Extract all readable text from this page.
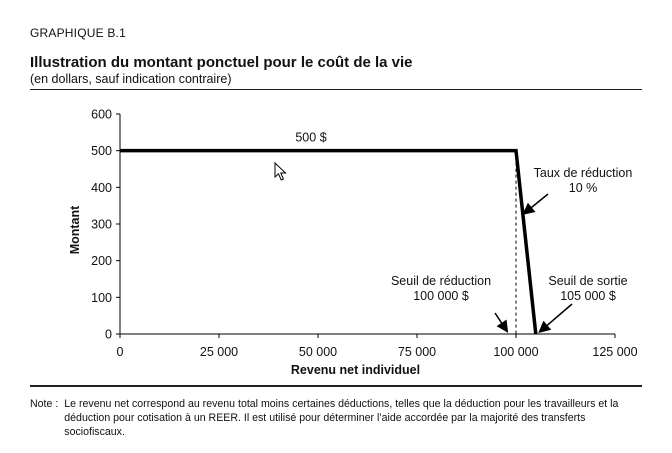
GRAPHIQUE B.1
Illustration du montant ponctuel pour le coût de la vie
(en dollars, sauf indication contraire)
0
100
200
300
400
500
600
0	25 000	50 000	75 000	100 000	125 000
Revenu net individuel
Montant
500 $
Taux de réduction
10 %
Seuil de réduction
100 000 $
Seuil de sortie
105 000 $
Note : Le revenu net correspond au revenu total moins certaines déductions, telles que la déduction pour les travailleurs et la déduction pour cotisation à un REER. Il est utilisé pour déterminer l’aide accordée par la majorité des transferts sociofiscaux.
